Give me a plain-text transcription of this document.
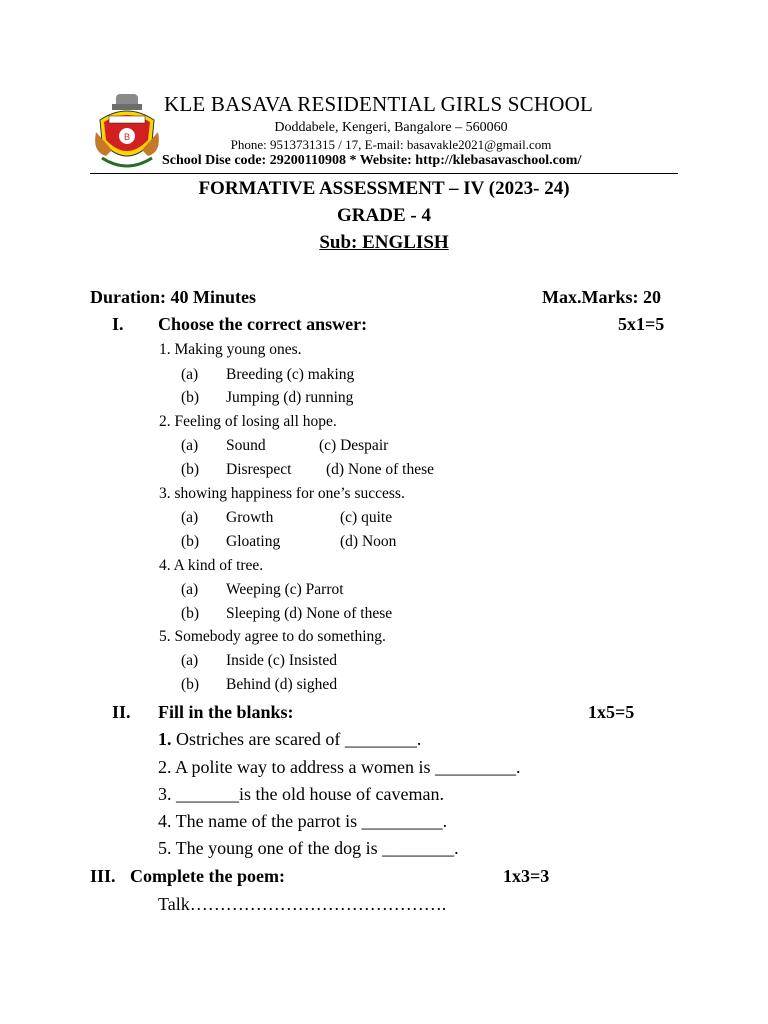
B
KLE BASAVA RESIDENTIAL GIRLS SCHOOL
Doddabele, Kengeri, Bangalore – 560060
Phone: 9513731315 / 17, E-mail: basavakle2021@gmail.com
School Dise code: 29200110908 * Website: http://klebasavaschool.com/
FORMATIVE ASSESSMENT – IV (2023- 24)
GRADE - 4
Sub: ENGLISH
Duration: 40 Minutes	Max.Marks: 20
I. Choose the correct answer:	5x1=5
1. Making young ones.
(a) Breeding (c) making
(b) Jumping (d) running
2. Feeling of losing all hope.
(a) Sound	(c) Despair
(b) Disrespect (d) None of these
3. showing happiness for one’s success.
(a) Growth	(c) quite
(b) Gloating	(d) Noon
4. A kind of tree.
(a) Weeping (c) Parrot
(b) Sleeping (d) None of these
5. Somebody agree to do something.
(a) Inside (c) Insisted
(b) Behind (d) sighed
II. Fill in the blanks:	1x5=5
1. Ostriches are scared of ________.
2. A polite way to address a women is _________.
3. _______is the old house of caveman.
4. The name of the parrot is _________.
5. The young one of the dog is ________.
III. Complete the poem:	1x3=3
Talk…………………………………….
